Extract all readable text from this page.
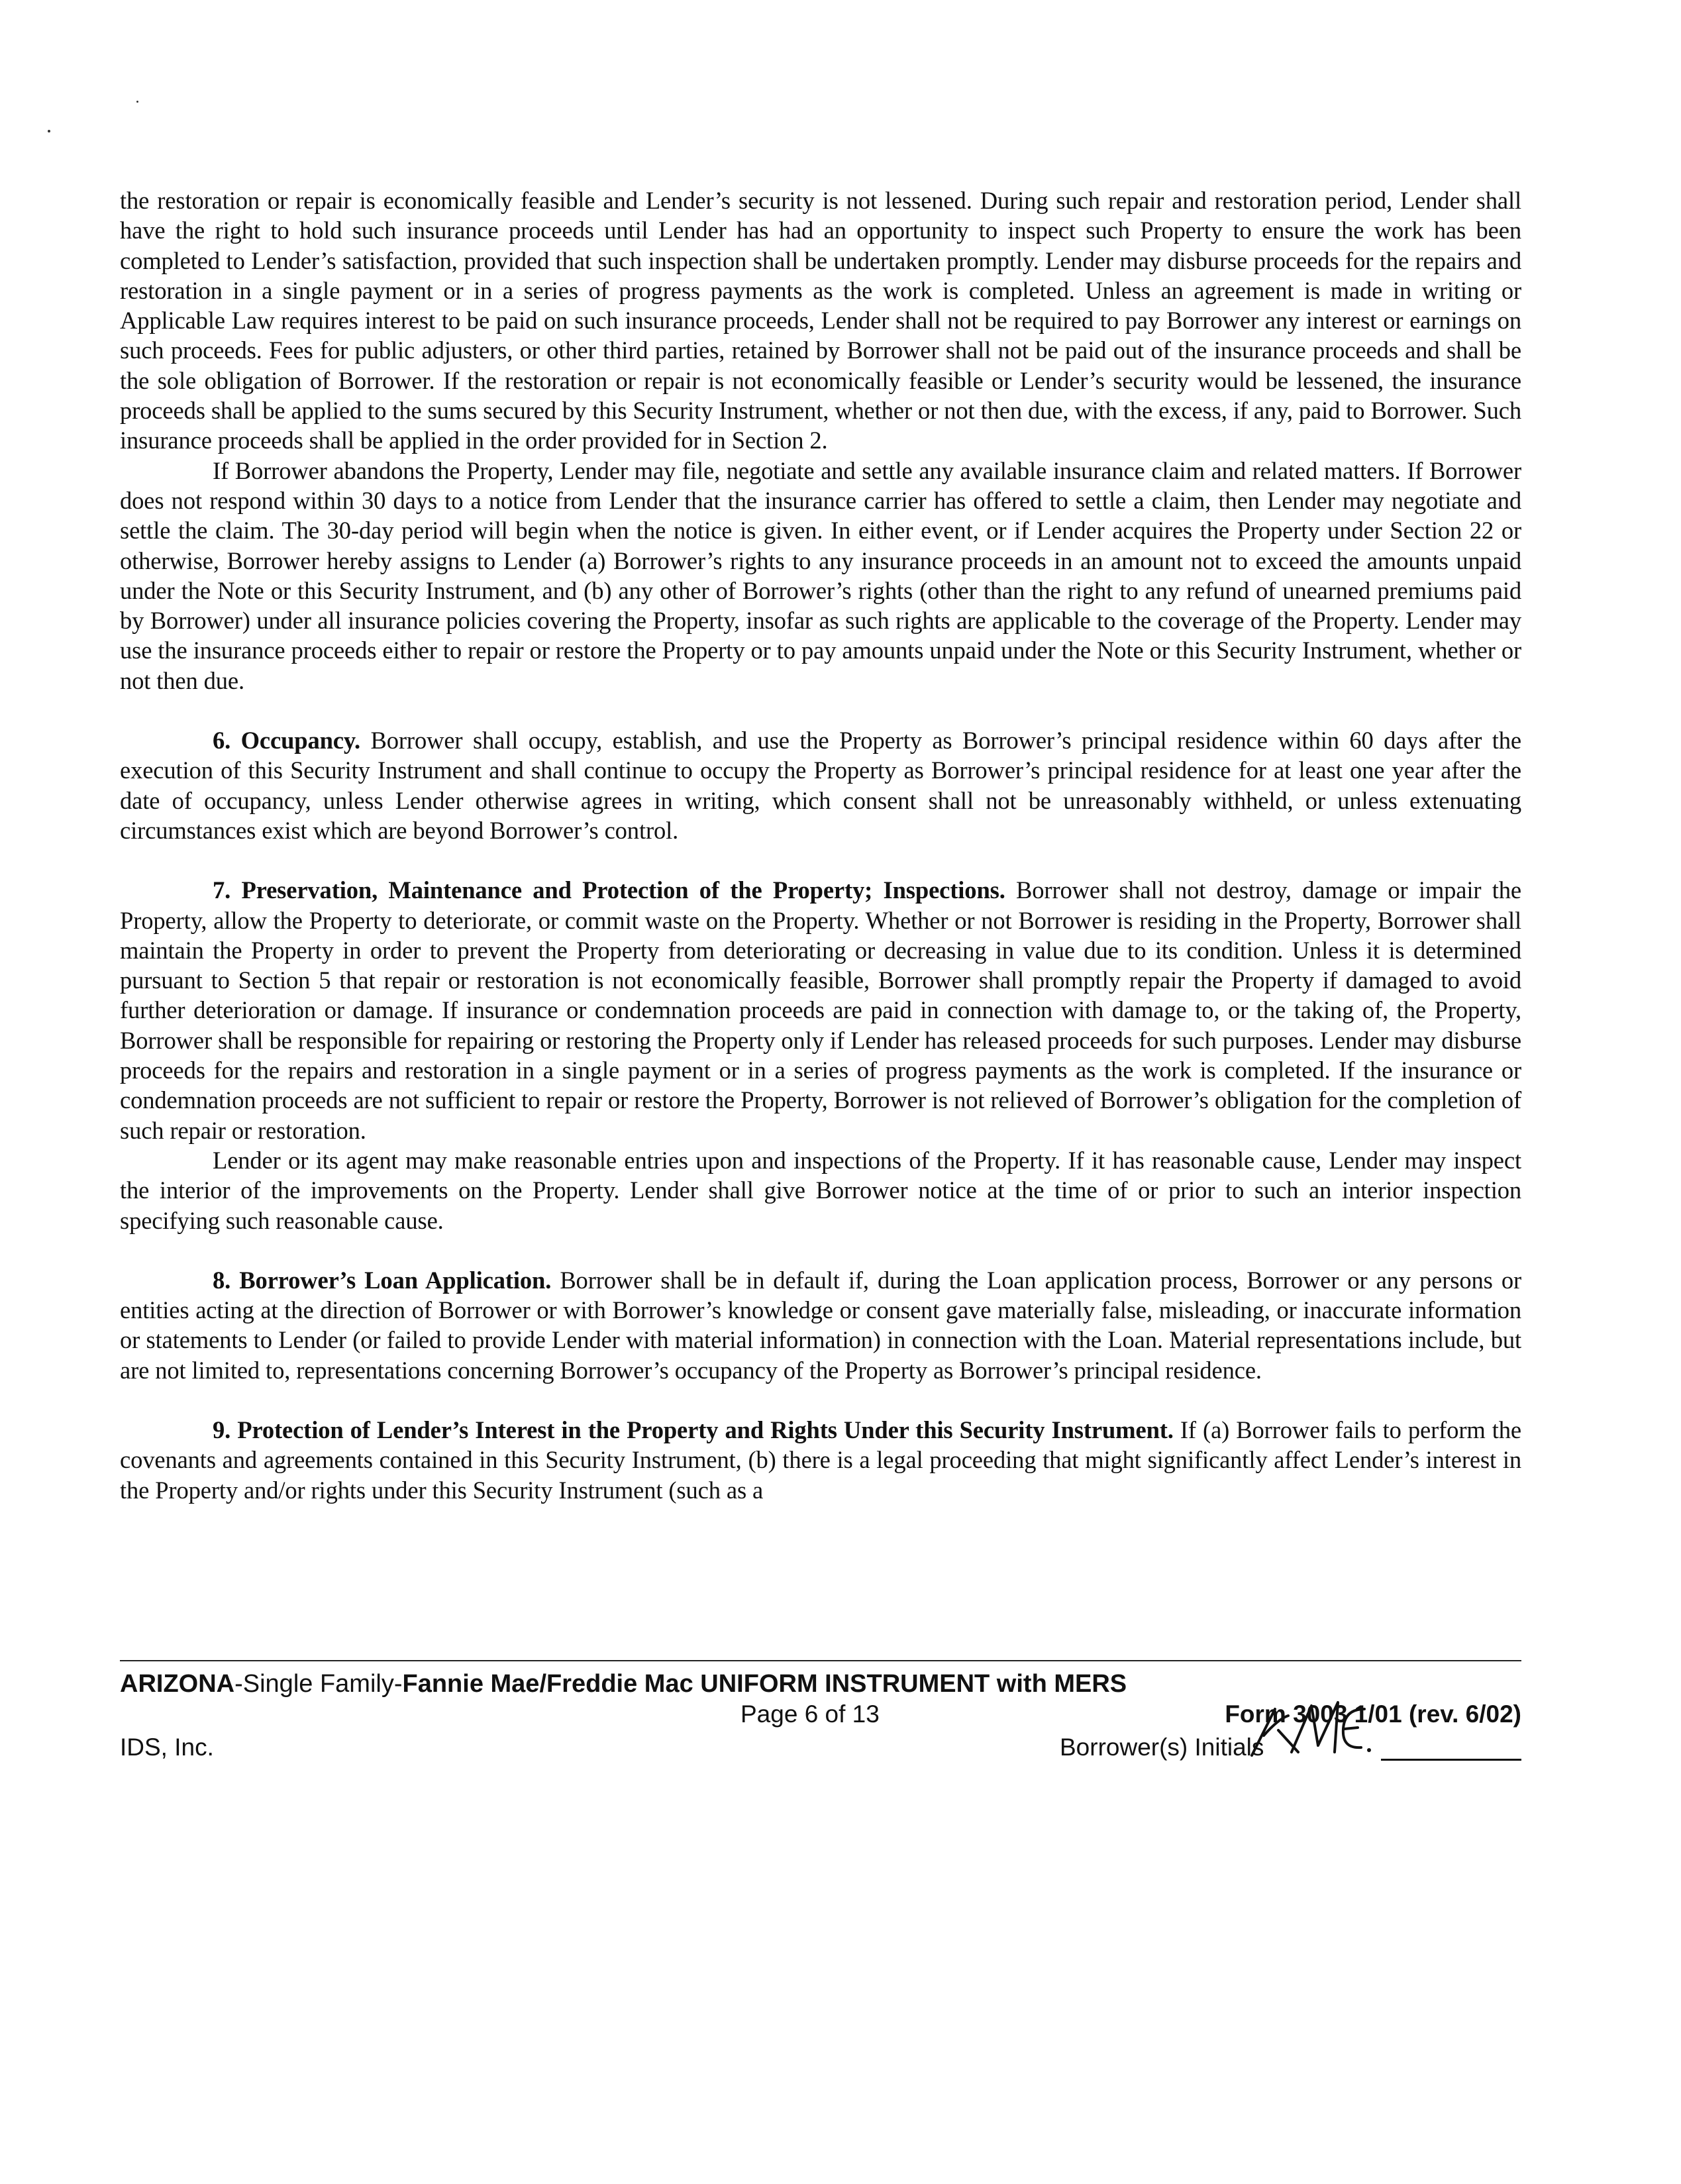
the restoration or repair is economically feasible and Lender’s security is not lessened. During such repair and restoration period, Lender shall have the right to hold such insurance proceeds until Lender has had an opportunity to inspect such Property to ensure the work has been completed to Lender’s satisfaction, provided that such inspection shall be undertaken promptly. Lender may disburse proceeds for the repairs and restoration in a single payment or in a series of progress payments as the work is completed. Unless an agreement is made in writing or Applicable Law requires interest to be paid on such insurance proceeds, Lender shall not be required to pay Borrower any interest or earnings on such proceeds. Fees for public adjusters, or other third parties, retained by Borrower shall not be paid out of the insurance proceeds and shall be the sole obligation of Borrower. If the restoration or repair is not economically feasible or Lender’s security would be lessened, the insurance proceeds shall be applied to the sums secured by this Security Instrument, whether or not then due, with the excess, if any, paid to Borrower. Such insurance proceeds shall be applied in the order provided for in Section 2.

If Borrower abandons the Property, Lender may file, negotiate and settle any available insurance claim and related matters. If Borrower does not respond within 30 days to a notice from Lender that the insurance carrier has offered to settle a claim, then Lender may negotiate and settle the claim. The 30-day period will begin when the notice is given. In either event, or if Lender acquires the Property under Section 22 or otherwise, Borrower hereby assigns to Lender (a) Borrower’s rights to any insurance proceeds in an amount not to exceed the amounts unpaid under the Note or this Security Instrument, and (b) any other of Borrower’s rights (other than the right to any refund of unearned premiums paid by Borrower) under all insurance policies covering the Property, insofar as such rights are applicable to the coverage of the Property. Lender may use the insurance proceeds either to repair or restore the Property or to pay amounts unpaid under the Note or this Security Instrument, whether or not then due.

6. Occupancy. Borrower shall occupy, establish, and use the Property as Borrower’s principal residence within 60 days after the execution of this Security Instrument and shall continue to occupy the Property as Borrower’s principal residence for at least one year after the date of occupancy, unless Lender otherwise agrees in writing, which consent shall not be unreasonably withheld, or unless extenuating circumstances exist which are beyond Borrower’s control.

7. Preservation, Maintenance and Protection of the Property; Inspections. Borrower shall not destroy, damage or impair the Property, allow the Property to deteriorate, or commit waste on the Property. Whether or not Borrower is residing in the Property, Borrower shall maintain the Property in order to prevent the Property from deteriorating or decreasing in value due to its condition. Unless it is determined pursuant to Section 5 that repair or restoration is not economically feasible, Borrower shall promptly repair the Property if damaged to avoid further deterioration or damage. If insurance or condemnation proceeds are paid in connection with damage to, or the taking of, the Property, Borrower shall be responsible for repairing or restoring the Property only if Lender has released proceeds for such purposes. Lender may disburse proceeds for the repairs and restoration in a single payment or in a series of progress payments as the work is completed. If the insurance or condemnation proceeds are not sufficient to repair or restore the Property, Borrower is not relieved of Borrower’s obligation for the completion of such repair or restoration.

Lender or its agent may make reasonable entries upon and inspections of the Property. If it has reasonable cause, Lender may inspect the interior of the improvements on the Property. Lender shall give Borrower notice at the time of or prior to such an interior inspection specifying such reasonable cause.

8. Borrower’s Loan Application. Borrower shall be in default if, during the Loan application process, Borrower or any persons or entities acting at the direction of Borrower or with Borrower’s knowledge or consent gave materially false, misleading, or inaccurate information or statements to Lender (or failed to provide Lender with material information) in connection with the Loan. Material representations include, but are not limited to, representations concerning Borrower’s occupancy of the Property as Borrower’s principal residence.

9. Protection of Lender’s Interest in the Property and Rights Under this Security Instrument. If (a) Borrower fails to perform the covenants and agreements contained in this Security Instrument, (b) there is a legal proceeding that might significantly affect Lender’s interest in the Property and/or rights under this Security Instrument (such as a

ARIZONA-Single Family-Fannie Mae/Freddie Mac UNIFORM INSTRUMENT with MERS
Page 6 of 13	Form 3003 1/01 (rev. 6/02)
IDS, Inc.	Borrower(s) Initials
